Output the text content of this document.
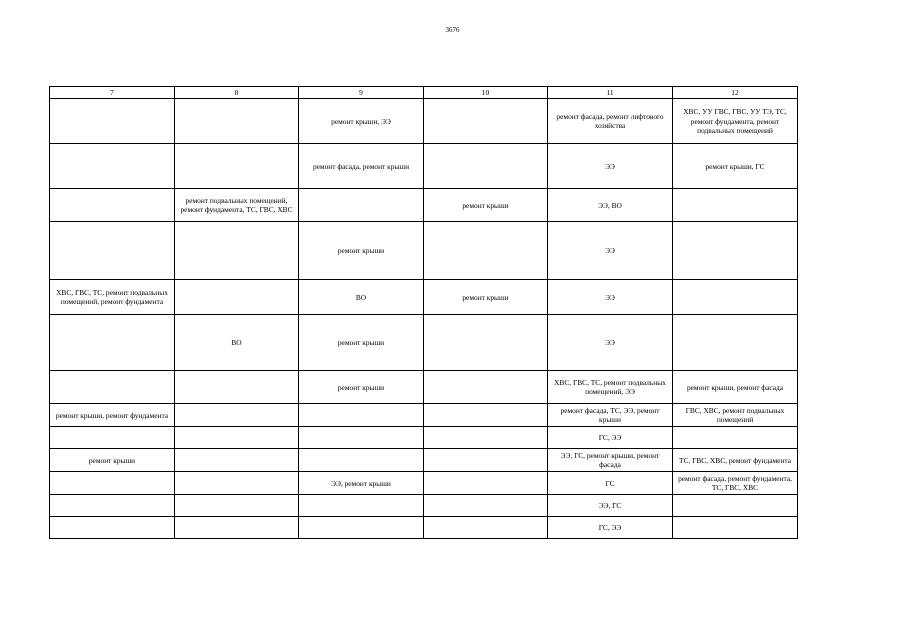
3676
7	8	9	10	11	12
		ремонт крыши, ЭЭ		ремонт фасада, ремонт лифтового хозяйства	ХВС, УУ ГВС, ГВС, УУ ТЭ, ТС, ремонт фундамента, ремонт подвальных помещений
		ремонт фасада, ремонт крыши		ЭЭ	ремонт крыши, ГС
	ремонт подвальных помещений, ремонт фундамента, ТС, ГВС, ХВС		ремонт крыши	ЭЭ, ВО	
		ремонт крыши		ЭЭ	
ХВС, ГВС, ТС, ремонт подвальных помещений, ремонт фундамента		ВО	ремонт крыши	ЭЭ	
	ВО	ремонт крыши		ЭЭ	
		ремонт крыши		ХВС, ГВС, ТС, ремонт подвальных помещений, ЭЭ	ремонт крыши, ремонт фасада
ремонт крыши, ремонт фундамента				ремонт фасада, ТС, ЭЭ, ремонт крыши	ГВС, ХВС, ремонт подвальных помещений
				ГС, ЭЭ	
ремонт крыши				ЭЭ, ГС, ремонт крыши, ремонт фасада	ТС, ГВС, ХВС, ремонт фундамента
		ЭЭ, ремонт крыши		ГС	ремонт фасада, ремонт фундамента, ТС, ГВС, ХВС
				ЭЭ, ГС	
				ГС, ЭЭ	
